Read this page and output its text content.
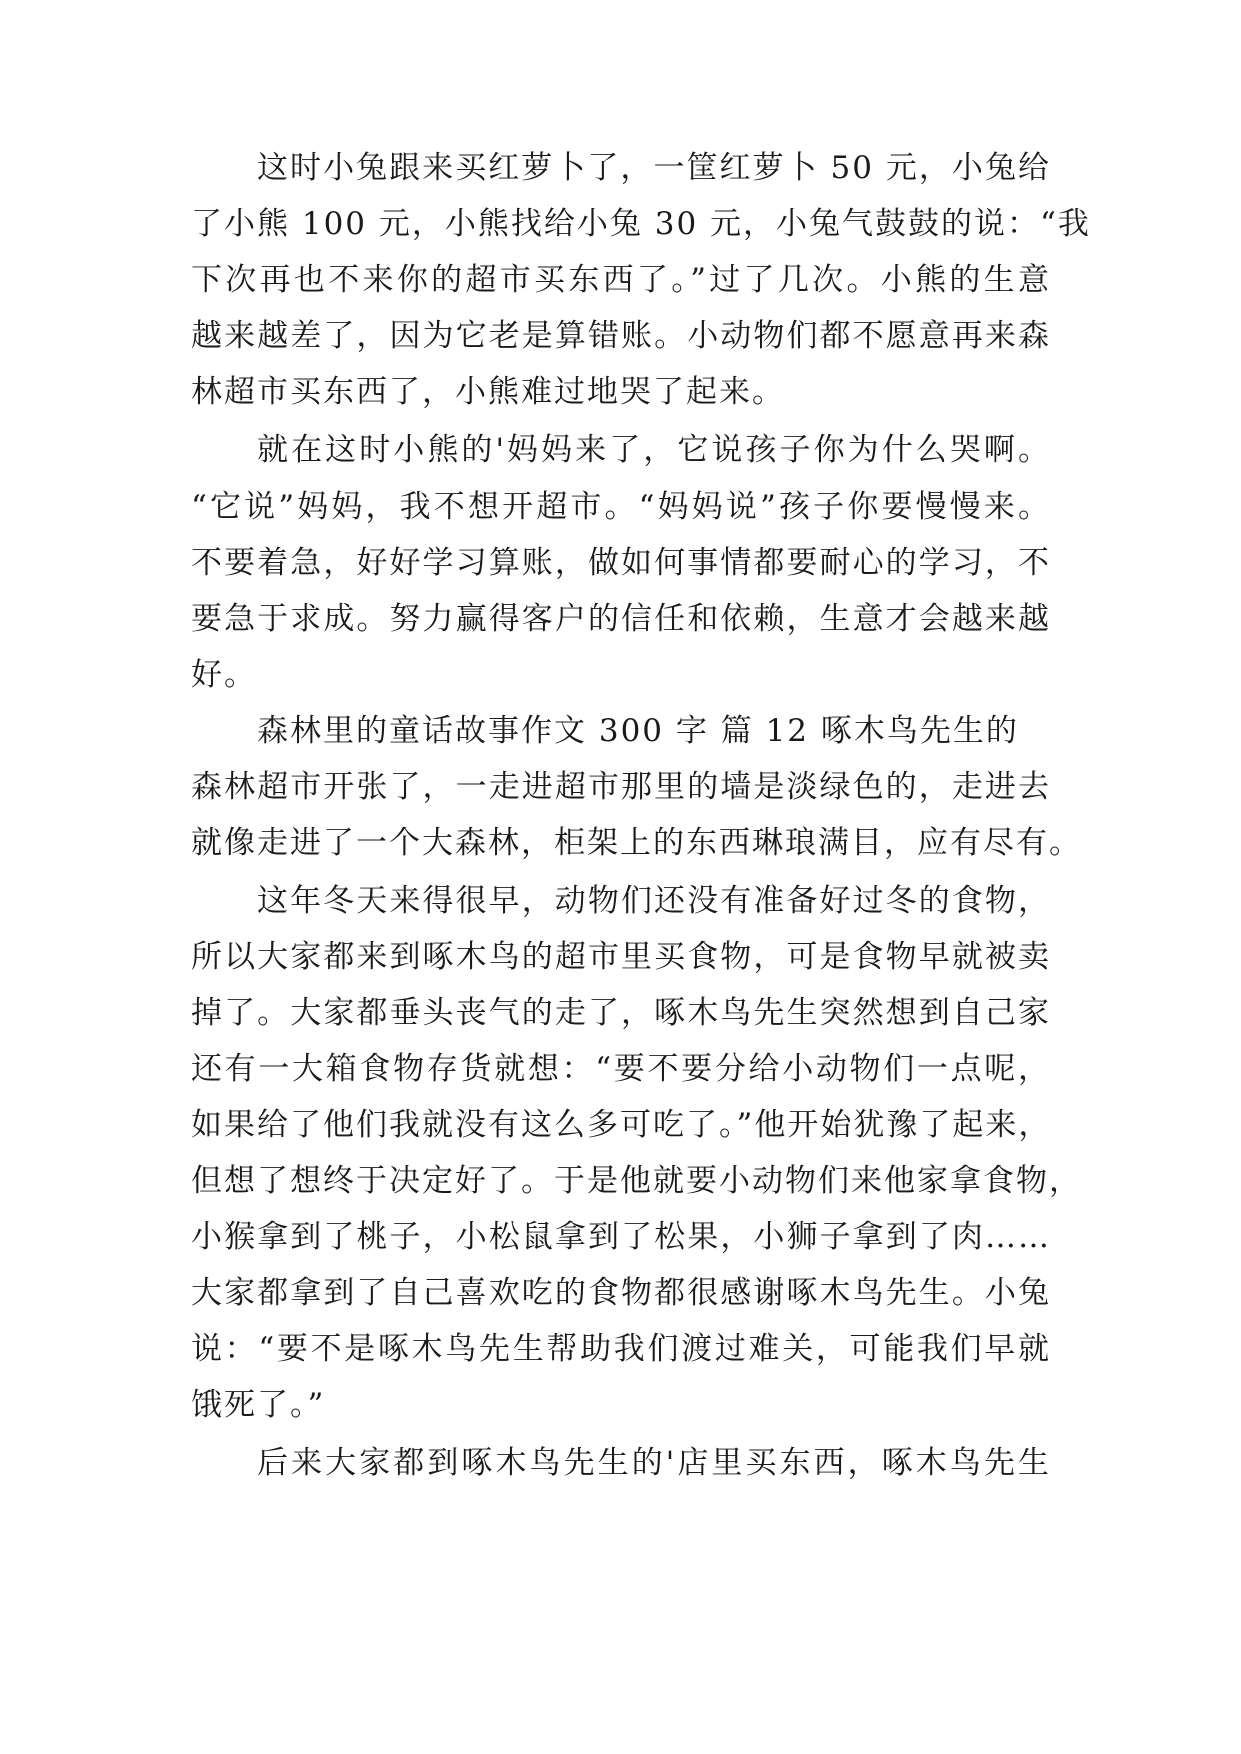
这时小兔跟来买红萝卜了，一筐红萝卜 50 元，小兔给
了小熊 100 元，小熊找给小兔 30 元，小兔气鼓鼓的说：“我
下次再也不来你的超市买东西了。”过了几次。小熊的生意
越来越差了，因为它老是算错账。小动物们都不愿意再来森
林超市买东西了，小熊难过地哭了起来。
就在这时小熊的'妈妈来了，它说孩子你为什么哭啊。
“它说”妈妈，我不想开超市。“妈妈说”孩子你要慢慢来。
不要着急，好好学习算账，做如何事情都要耐心的学习，不
要急于求成。努力赢得客户的信任和依赖，生意才会越来越
好。
森林里的童话故事作文 300 字 篇 12 啄木鸟先生的
森林超市开张了，一走进超市那里的墙是淡绿色的，走进去
就像走进了一个大森林，柜架上的东西琳琅满目，应有尽有。
这年冬天来得很早，动物们还没有准备好过冬的食物，
所以大家都来到啄木鸟的超市里买食物，可是食物早就被卖
掉了。大家都垂头丧气的走了，啄木鸟先生突然想到自己家
还有一大箱食物存货就想：“要不要分给小动物们一点呢，
如果给了他们我就没有这么多可吃了。”他开始犹豫了起来，
但想了想终于决定好了。于是他就要小动物们来他家拿食物，
小猴拿到了桃子，小松鼠拿到了松果，小狮子拿到了肉……
大家都拿到了自己喜欢吃的食物都很感谢啄木鸟先生。小兔
说：“要不是啄木鸟先生帮助我们渡过难关，可能我们早就
饿死了。”
后来大家都到啄木鸟先生的'店里买东西，啄木鸟先生
